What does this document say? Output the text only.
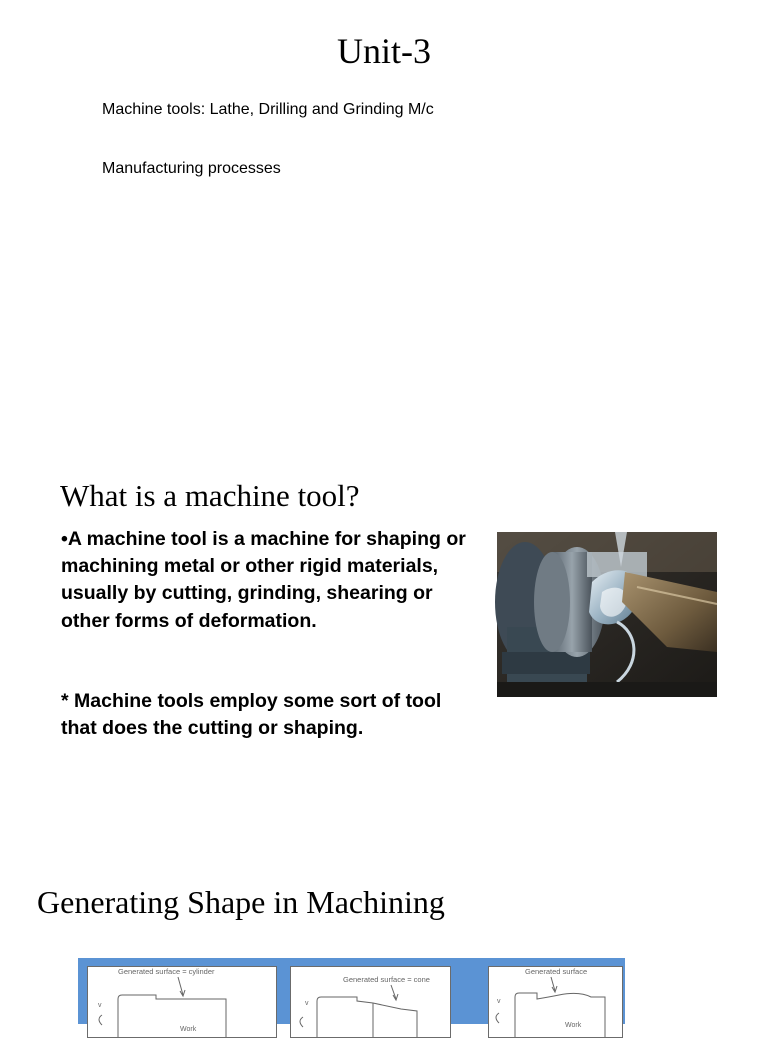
Unit-3
Machine tools: Lathe, Drilling and Grinding M/c
Manufacturing processes
What is a machine tool?
•A machine tool is a machine for shaping or machining metal or other rigid materials, usually by cutting, grinding, shearing or other forms of deformation.
* Machine tools employ some sort of tool that does the cutting or shaping.
Generating Shape in Machining
Generated surface = cylinder
v
Work
Generated surface = cone
v
Generated surface
v
Work
